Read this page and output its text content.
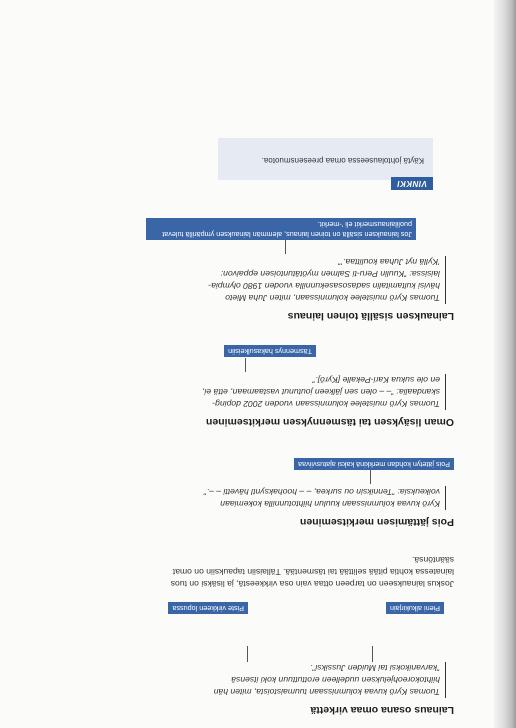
Lainaus osana omaa virkettä
Tuomas Kyrö kuvaa kolumnissaan tuumaistoista, miten hän
hiihtokoreohjeluksen uudelleen erottuttuun koki itsensä
”karvanikoksi tai Muiden Jussiksi”.
Pieni alkukirjain
Piste virkkeen lopussa
Joskus lainaukseen on tarpeen ottaa vain osa virkkeestä, ja lisäksi on tuos
lainatessa kohtia pitää selittää tai täsmentää. Tällaisiin tapauksiin on omat
sääntönsä.
Pois jättämisen merkitseminen
Kyrö kuvaa kolumnissaan kuulun hiihtotunnilla kokemiaan
voikeuksia: ”Tenniksin ou surkea, – – hoohaksyntl hävetti – –.”
Pois jätetyn kohdan merkkinä kaksi ajatusviivaa
Oman lisäyksen tai täsmennyksen merkitseminen
Tuomas Kyrö muistelee kolumnissaan vuoden 2002 doping-
skandaalia: ”– – olen sen jälkeen joutunut vastaamaan, että ei,
en ole sukua Kari-Pekalle [Kyrö].”
Täsmennys hakasulkeisiin
Lainauksen sisällä toinen lainaus
Tuomas Kyrö muistelee kolumnissaan, miten Juha Mieto
hävisi kultamitalin sadasosasekunnilla vuoden 1980 olympia-
laisissa: ”Kuulin Peru-ti Salmen myötätuntoisen eppaivon:
’Kyllä nyt Juhaa koulittaa.’”
Jos lainauksen sisällä on toinen lainaus, alemmän lainauksen ympärillä tulevat puolilainausmerkit eli ’-merkit.
VINKKI
Käytä johtolauseessa omaa preesensmuotoa.
